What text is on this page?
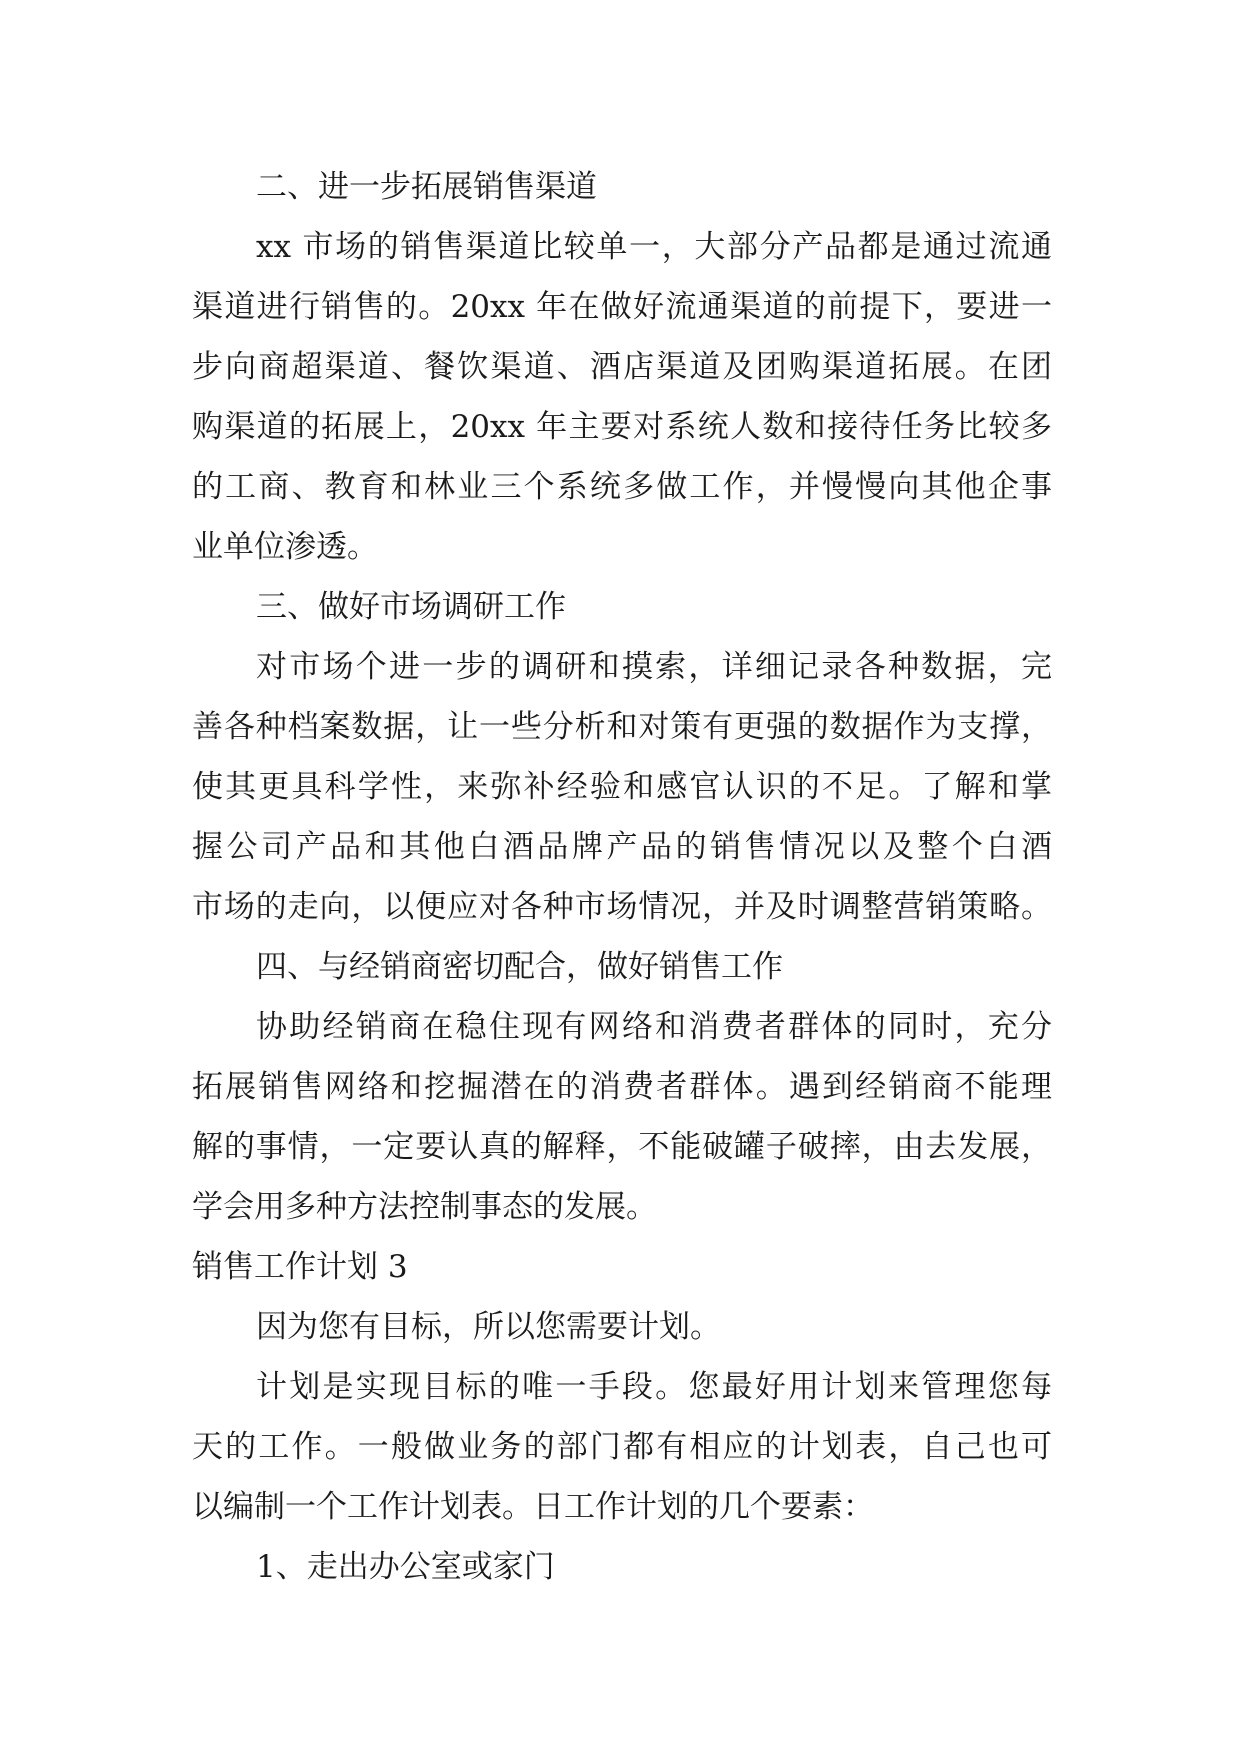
二、进一步拓展销售渠道
xx 市场的销售渠道比较单一，大部分产品都是通过流通
渠道进行销售的。20xx 年在做好流通渠道的前提下，要进一
步向商超渠道、餐饮渠道、酒店渠道及团购渠道拓展。在团
购渠道的拓展上，20xx 年主要对系统人数和接待任务比较多
的工商、教育和林业三个系统多做工作，并慢慢向其他企事
业单位渗透。
三、做好市场调研工作
对市场个进一步的调研和摸索，详细记录各种数据，完
善各种档案数据，让一些分析和对策有更强的数据作为支撑，
使其更具科学性，来弥补经验和感官认识的不足。了解和掌
握公司产品和其他白酒品牌产品的销售情况以及整个白酒
市场的走向，以便应对各种市场情况，并及时调整营销策略。
四、与经销商密切配合，做好销售工作
协助经销商在稳住现有网络和消费者群体的同时，充分
拓展销售网络和挖掘潜在的消费者群体。遇到经销商不能理
解的事情，一定要认真的解释，不能破罐子破摔，由去发展，
学会用多种方法控制事态的发展。
销售工作计划 3
因为您有目标，所以您需要计划。
计划是实现目标的唯一手段。您最好用计划来管理您每
天的工作。一般做业务的部门都有相应的计划表，自己也可
以编制一个工作计划表。日工作计划的几个要素：
1、走出办公室或家门
